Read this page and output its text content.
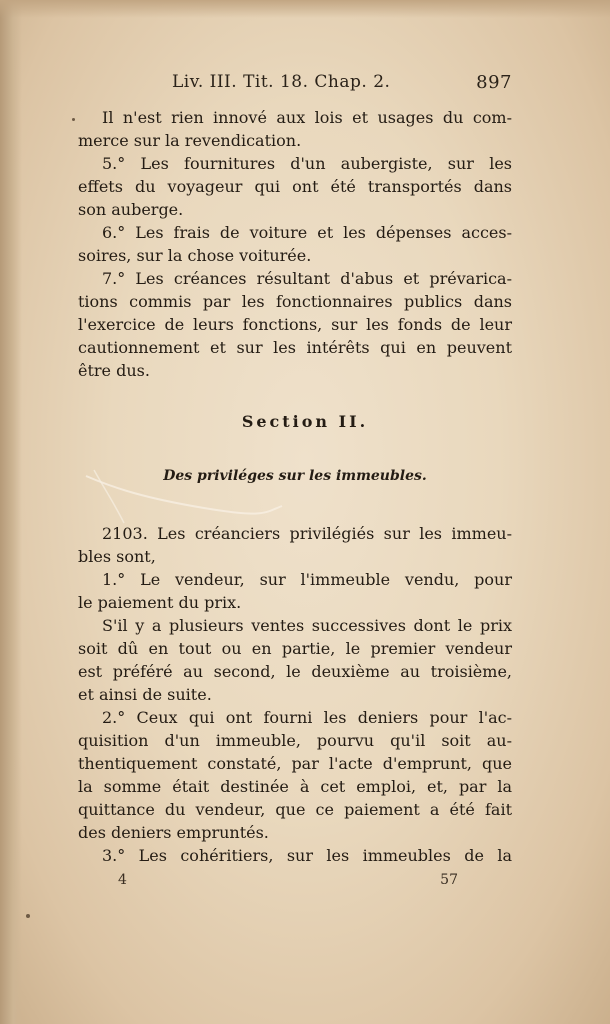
Liv. III. Tit. 18. Chap. 2.	897
Il n'est rien innové aux lois et usages du com-
merce sur la revendication.
5.° Les fournitures d'un aubergiste, sur les
effets du voyageur qui ont été transportés dans
son auberge.
6.° Les frais de voiture et les dépenses acces-
soires, sur la chose voiturée.
7.° Les créances résultant d'abus et prévarica-
tions commis par les fonctionnaires publics dans
l'exercice de leurs fonctions, sur les fonds de leur
cautionnement et sur les intérêts qui en peuvent
être dus.
Section II.
Des priviléges sur les immeubles.
2103. Les créanciers privilégiés sur les immeu-
bles sont,
1.° Le vendeur, sur l'immeuble vendu, pour
le paiement du prix.
S'il y a plusieurs ventes successives dont le prix
soit dû en tout ou en partie, le premier vendeur
est préféré au second, le deuxième au troisième,
et ainsi de suite.
2.° Ceux qui ont fourni les deniers pour l'ac-
quisition d'un immeuble, pourvu qu'il soit au-
thentiquement constaté, par l'acte d'emprunt, que
la somme était destinée à cet emploi, et, par la
quittance du vendeur, que ce paiement a été fait
des deniers empruntés.
3.° Les cohéritiers, sur les immeubles de la
4	57
